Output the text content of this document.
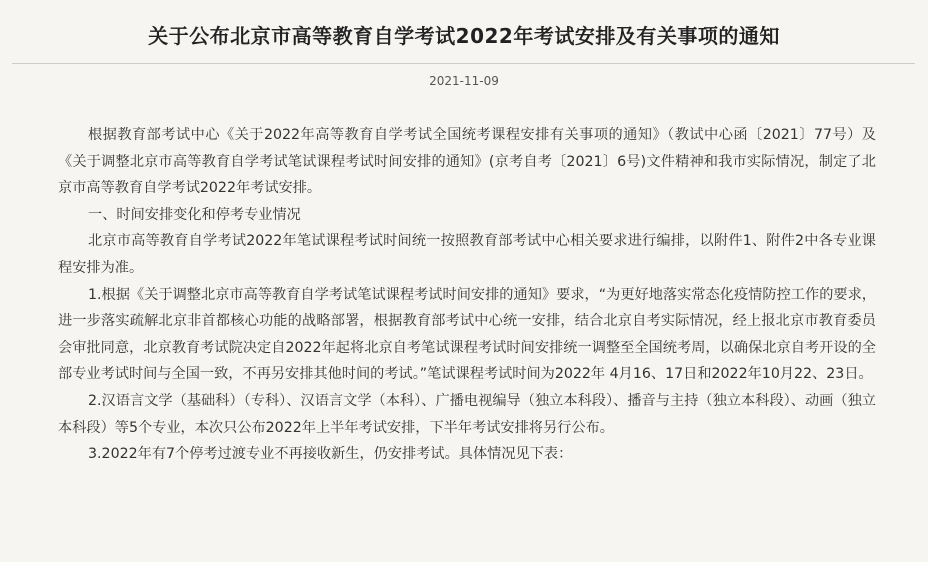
关于公布北京市高等教育自学考试2022年考试安排及有关事项的通知
2021-11-09

根据教育部考试中心《关于2022年高等教育自学考试全国统考课程安排有关事项的通知》（教试中心函〔2021〕77号）及《关于调整北京市高等教育自学考试笔试课程考试时间安排的通知》(京考自考〔2021〕6号)文件精神和我市实际情况，制定了北京市高等教育自学考试2022年考试安排。

一、时间安排变化和停考专业情况

北京市高等教育自学考试2022年笔试课程考试时间统一按照教育部考试中心相关要求进行编排，以附件1、附件2中各专业课程安排为准。

1.根据《关于调整北京市高等教育自学考试笔试课程考试时间安排的通知》要求，“为更好地落实常态化疫情防控工作的要求，进一步落实疏解北京非首都核心功能的战略部署，根据教育部考试中心统一安排，结合北京自考实际情况，经上报北京市教育委员会审批同意，北京教育考试院决定自2022年起将北京自考笔试课程考试时间安排统一调整至全国统考周，以确保北京自考开设的全部专业考试时间与全国一致，不再另安排其他时间的考试。”笔试课程考试时间为2022年 4月16、17日和2022年10月22、23日。

2.汉语言文学（基础科）（专科）、汉语言文学（本科）、广播电视编导（独立本科段）、播音与主持（独立本科段）、动画（独立本科段）等5个专业，本次只公布2022年上半年考试安排，下半年考试安排将另行公布。

3.2022年有7个停考过渡专业不再接收新生，仍安排考试。具体情况见下表：
